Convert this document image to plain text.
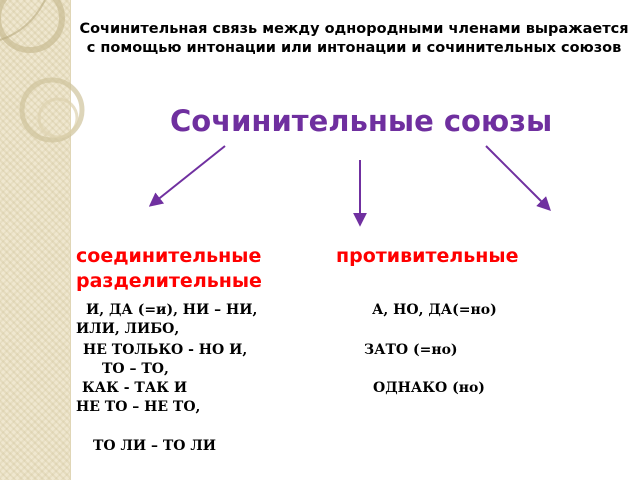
Сочинительная связь между однородными членами выражается с помощью интонации или интонации и сочинительных союзов

Сочинительные союзы

соединительные	противительные

разделительные

И, ДА (=и), НИ – НИ,	А, НО, ДА(=но)

ИЛИ, ЛИБО,

НЕ ТОЛЬКО - НО И,	ЗАТО (=но)

ТО – ТО,

КАК - ТАК И	ОДНАКО (но)

НЕ ТО – НЕ ТО,

ТО ЛИ – ТО ЛИ
